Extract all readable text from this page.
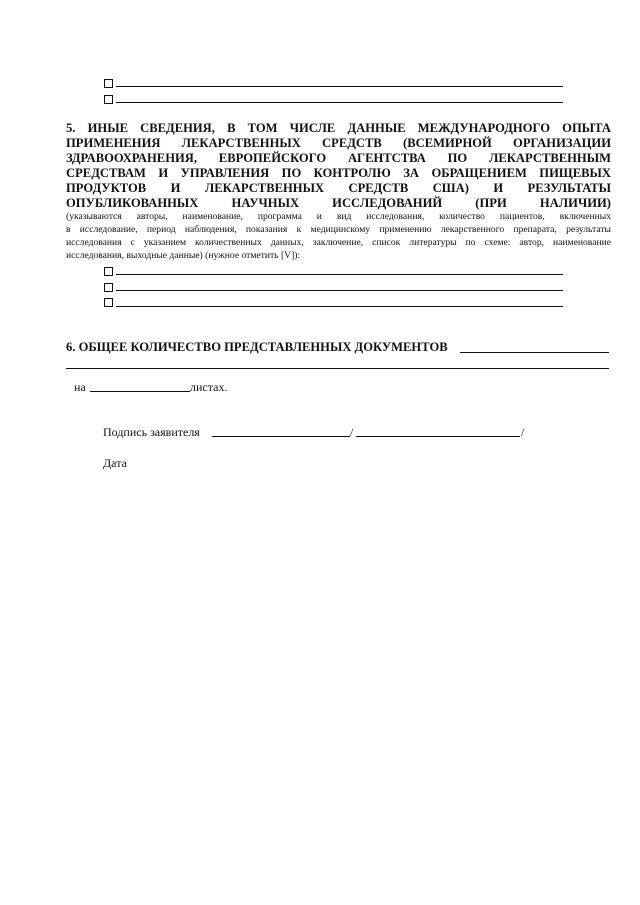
5. ИНЫЕ СВЕДЕНИЯ, В ТОМ ЧИСЛЕ ДАННЫЕ МЕЖДУНАРОДНОГО ОПЫТА
ПРИМЕНЕНИЯ ЛЕКАРСТВЕННЫХ СРЕДСТВ (ВСЕМИРНОЙ ОРГАНИЗАЦИИ
ЗДРАВООХРАНЕНИЯ, ЕВРОПЕЙСКОГО АГЕНТСТВА ПО ЛЕКАРСТВЕННЫМ
СРЕДСТВАМ И УПРАВЛЕНИЯ ПО КОНТРОЛЮ ЗА ОБРАЩЕНИЕМ ПИЩЕВЫХ
ПРОДУКТОВ И ЛЕКАРСТВЕННЫХ СРЕДСТВ США) И РЕЗУЛЬТАТЫ
ОПУБЛИКОВАННЫХ НАУЧНЫХ ИССЛЕДОВАНИЙ (ПРИ НАЛИЧИИ)
(указываются авторы, наименование, программа и вид исследования, количество пациентов, включенных
в исследование, период наблюдения, показания к медицинскому применению лекарственного препарата, результаты
исследования с указанием количественных данных, заключение, список литературы по схеме: автор, наименование
исследования, выходные данные) (нужное отметить [V]):
6. ОБЩЕЕ КОЛИЧЕСТВО ПРЕДСТАВЛЕННЫХ ДОКУМЕНТОВ
на	листах.
Подпись заявителя	/	/
Дата
